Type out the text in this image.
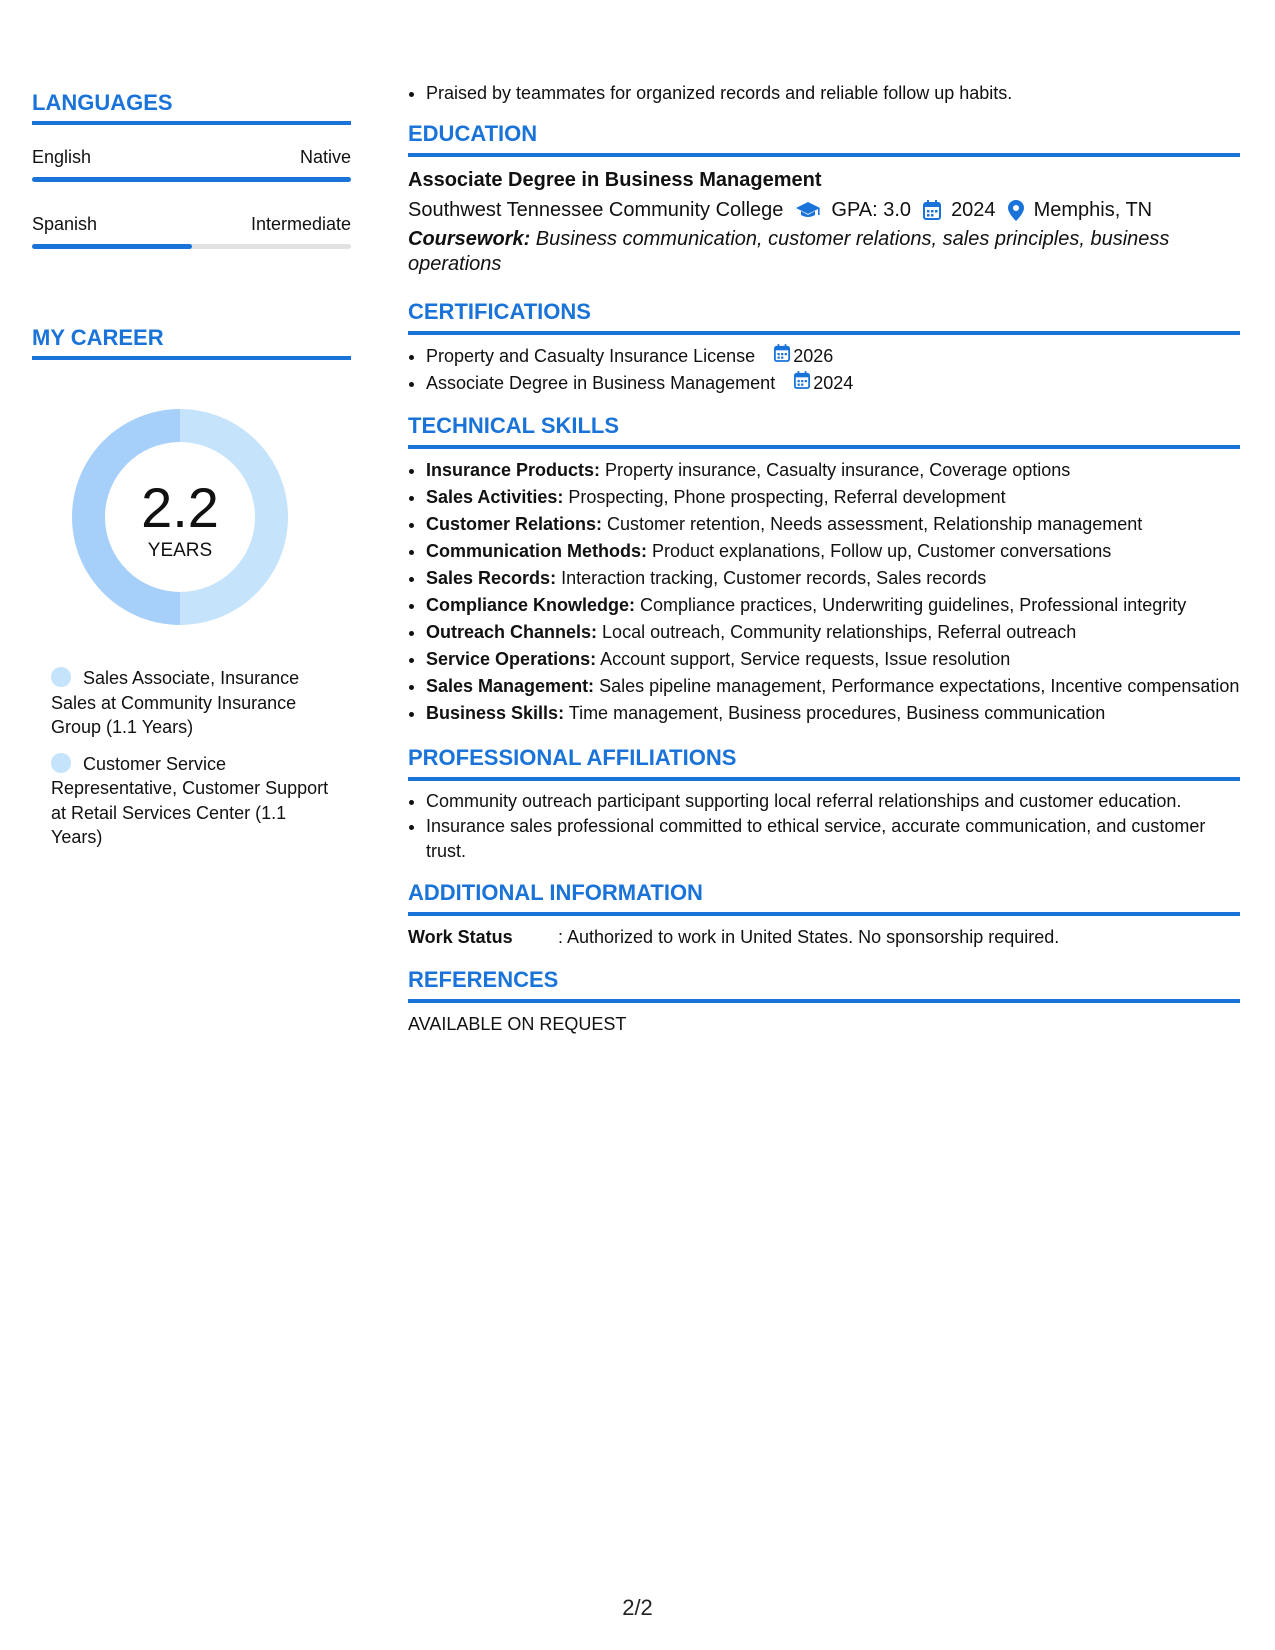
LANGUAGES
English	Native
Spanish	Intermediate
MY CAREER
2.2
YEARS
Sales Associate, Insurance Sales at Community Insurance Group (1.1 Years)
Customer Service Representative, Customer Support at Retail Services Center (1.1 Years)
• Praised by teammates for organized records and reliable follow up habits.
EDUCATION
Associate Degree in Business Management
Southwest Tennessee Community College GPA: 3.0 2024 Memphis, TN
Coursework: Business communication, customer relations, sales principles, business operations
CERTIFICATIONS
• Property and Casualty Insurance License 2026
• Associate Degree in Business Management 2024
TECHNICAL SKILLS
• Insurance Products: Property insurance, Casualty insurance, Coverage options
• Sales Activities: Prospecting, Phone prospecting, Referral development
• Customer Relations: Customer retention, Needs assessment, Relationship management
• Communication Methods: Product explanations, Follow up, Customer conversations
• Sales Records: Interaction tracking, Customer records, Sales records
• Compliance Knowledge: Compliance practices, Underwriting guidelines, Professional integrity
• Outreach Channels: Local outreach, Community relationships, Referral outreach
• Service Operations: Account support, Service requests, Issue resolution
• Sales Management: Sales pipeline management, Performance expectations, Incentive compensation
• Business Skills: Time management, Business procedures, Business communication
PROFESSIONAL AFFILIATIONS
• Community outreach participant supporting local referral relationships and customer education.
• Insurance sales professional committed to ethical service, accurate communication, and customer trust.
ADDITIONAL INFORMATION
Work Status	: Authorized to work in United States. No sponsorship required.
REFERENCES
AVAILABLE ON REQUEST
2/2
